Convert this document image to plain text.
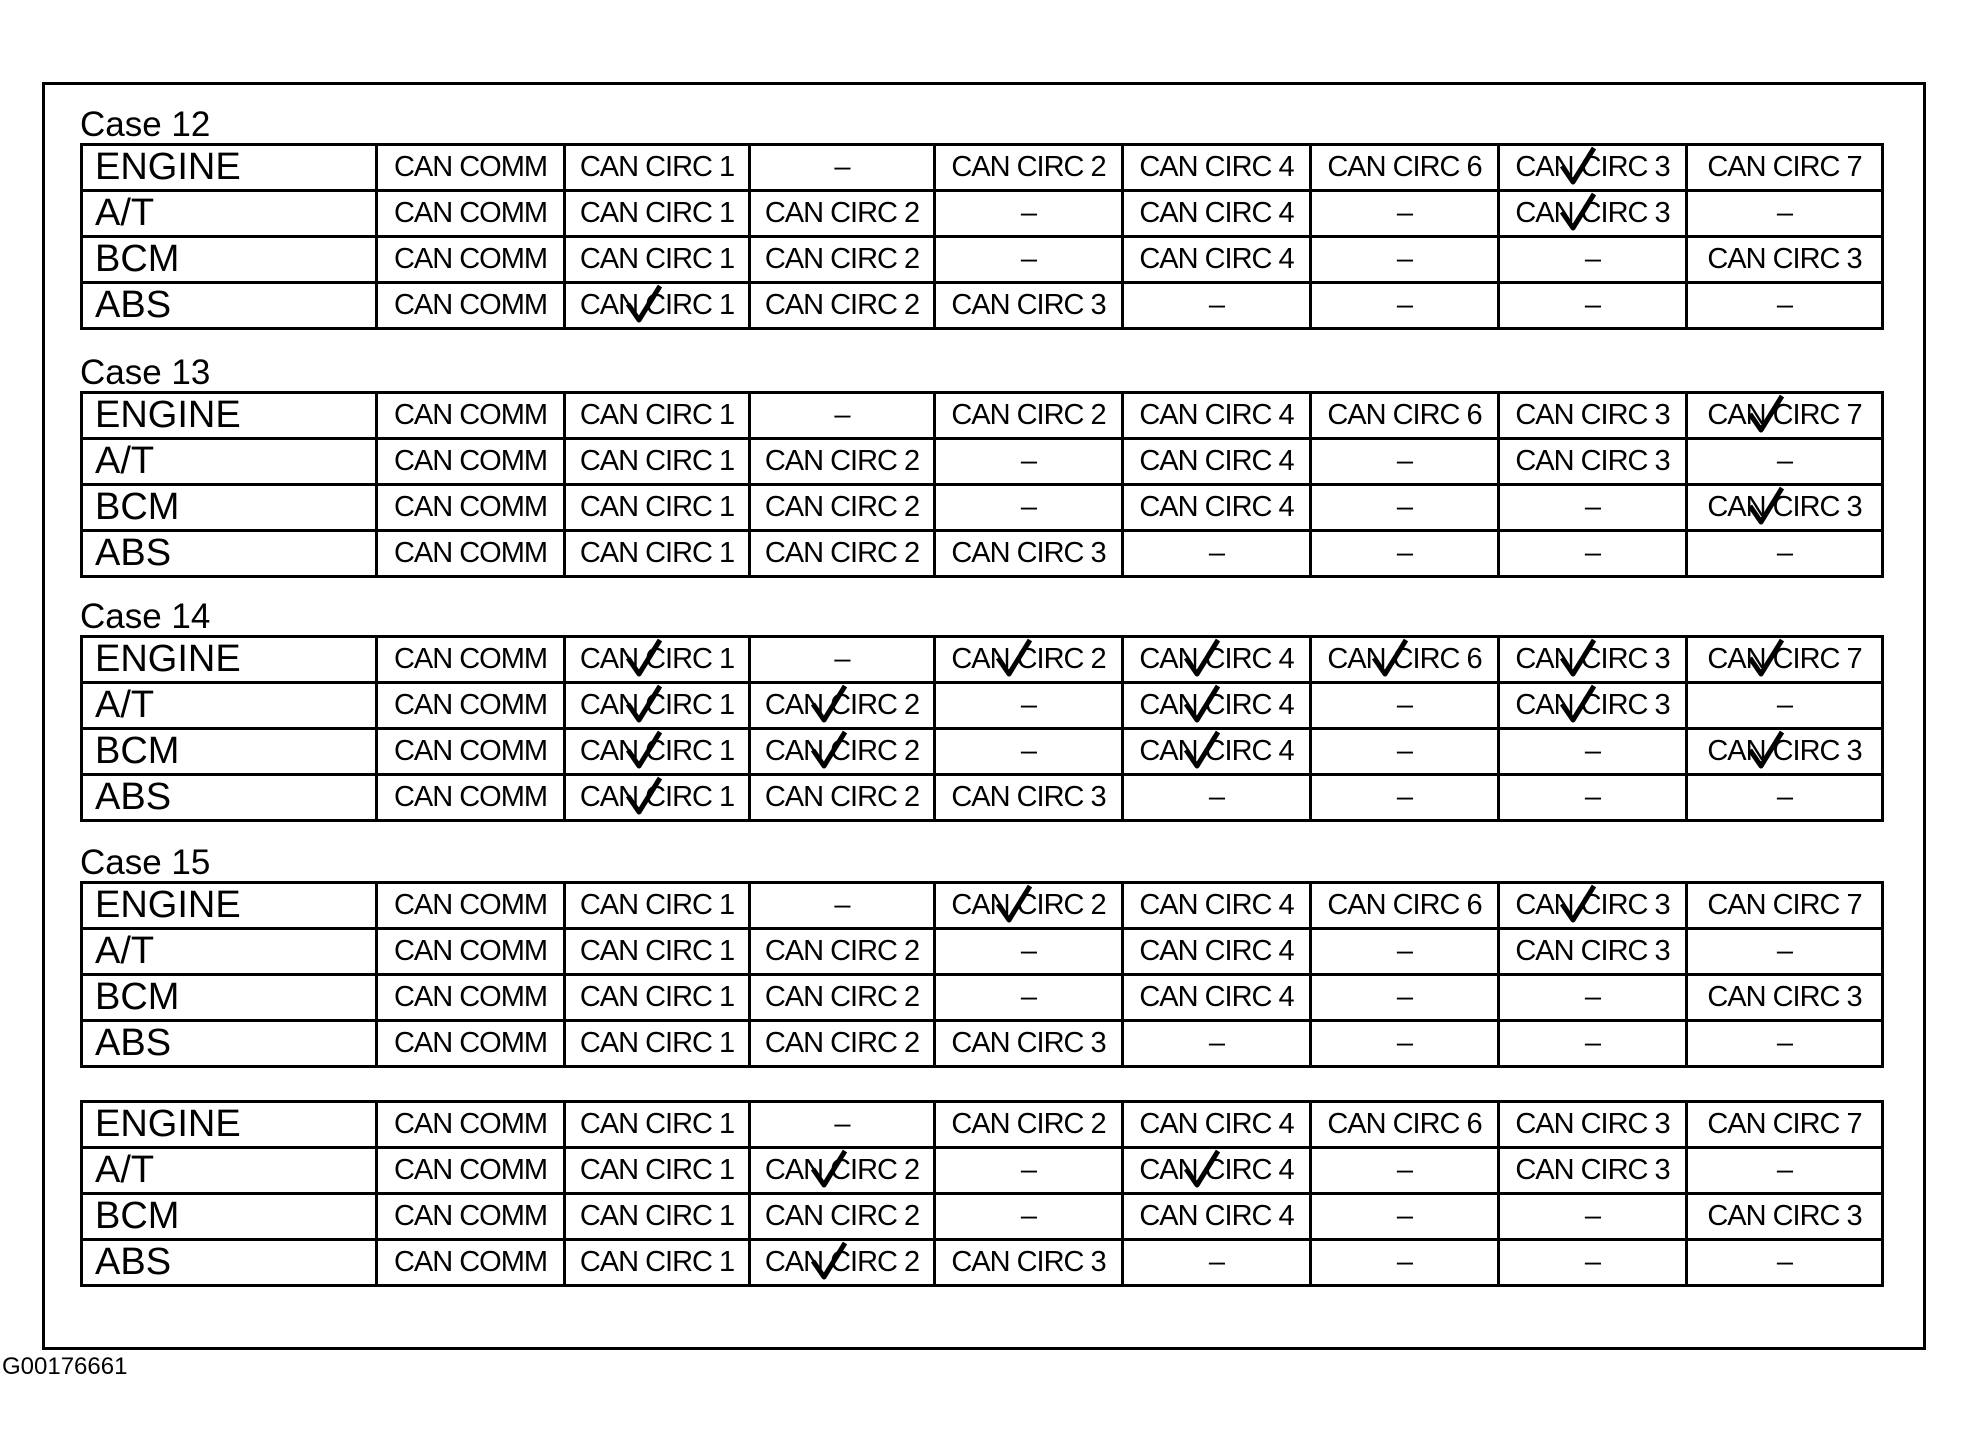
Case 12
ENGINE	CAN COMM	CAN CIRC 1	–	CAN CIRC 2	CAN CIRC 4	CAN CIRC 6	CAN CIRC 3	CAN CIRC 7
A/T	CAN COMM	CAN CIRC 1	CAN CIRC 2	–	CAN CIRC 4	–	CAN CIRC 3	–
BCM	CAN COMM	CAN CIRC 1	CAN CIRC 2	–	CAN CIRC 4	–	–	CAN CIRC 3
ABS	CAN COMM	CAN CIRC 1	CAN CIRC 2	CAN CIRC 3	–	–	–	–
Case 13
ENGINE	CAN COMM	CAN CIRC 1	–	CAN CIRC 2	CAN CIRC 4	CAN CIRC 6	CAN CIRC 3	CAN CIRC 7

A/T	CAN COMM	CAN CIRC 1	CAN CIRC 2	–	CAN CIRC 4	–	CAN CIRC 3	–
BCM	CAN COMM	CAN CIRC 1	CAN CIRC 2	–	CAN CIRC 4	–	–	CAN CIRC 3

ABS	CAN COMM	CAN CIRC 1	CAN CIRC 2	CAN CIRC 3	–	–	–	–
Case 14
ENGINE	CAN COMM	CAN CIRC 1	–	CAN CIRC 2	CAN CIRC 4	CAN CIRC 6	CAN CIRC 3	CAN CIRC 7

A/T	CAN COMM	CAN CIRC 1	CAN CIRC 2	–	CAN CIRC 4	–	CAN CIRC 3	–
BCM	CAN COMM	CAN CIRC 1	CAN CIRC 2	–	CAN CIRC 4	–	–	CAN CIRC 3

ABS	CAN COMM	CAN CIRC 1	CAN CIRC 2	CAN CIRC 3	–	–	–	–
Case 15
ENGINE	CAN COMM	CAN CIRC 1	–	CAN CIRC 2	CAN CIRC 4	CAN CIRC 6	CAN CIRC 3	CAN CIRC 7
A/T	CAN COMM	CAN CIRC 1	CAN CIRC 2	–	CAN CIRC 4	–	CAN CIRC 3	–
BCM	CAN COMM	CAN CIRC 1	CAN CIRC 2	–	CAN CIRC 4	–	–	CAN CIRC 3
ABS	CAN COMM	CAN CIRC 1	CAN CIRC 2	CAN CIRC 3	–	–	–	–
ENGINE	CAN COMM	CAN CIRC 1	–	CAN CIRC 2	CAN CIRC 4	CAN CIRC 6	CAN CIRC 3	CAN CIRC 7
A/T	CAN COMM	CAN CIRC 1	CAN CIRC 2	–	CAN CIRC 4	–	CAN CIRC 3	–
BCM	CAN COMM	CAN CIRC 1	CAN CIRC 2	–	CAN CIRC 4	–	–	CAN CIRC 3
ABS	CAN COMM	CAN CIRC 1	CAN CIRC 2	CAN CIRC 3	–	–	–	–
G00176661
